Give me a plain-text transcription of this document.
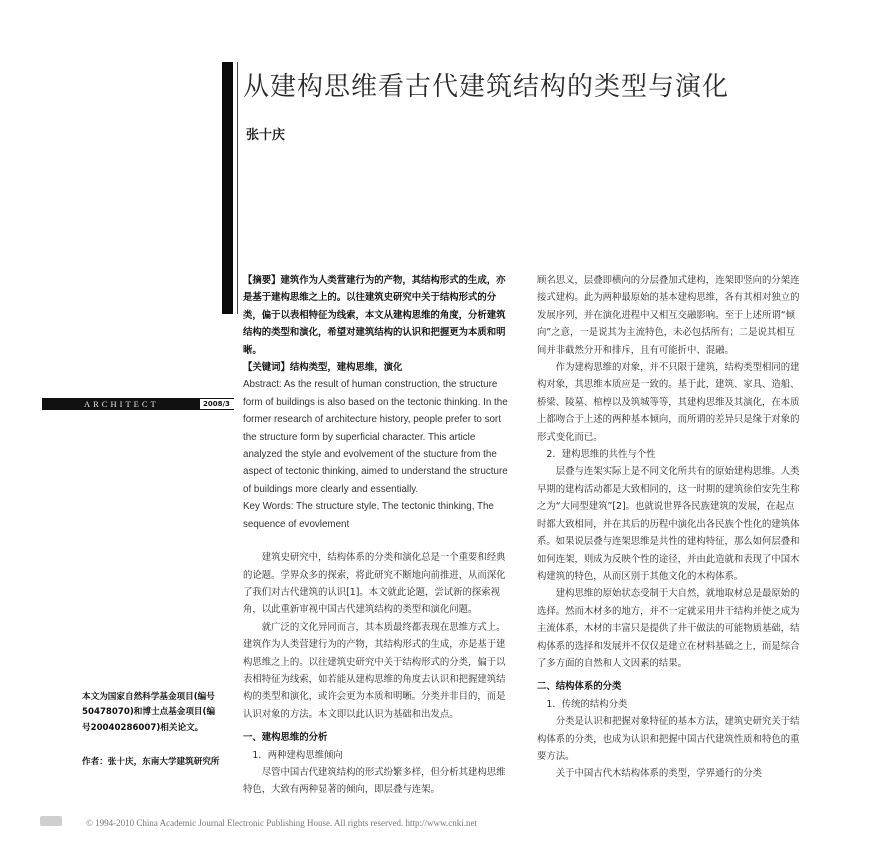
从建构思维看古代建筑结构的类型与演化
张十庆
ARCHITECT	2008/3

【摘要】建筑作为人类营建行为的产物，其结构形式的生成，亦是基于建构思维之上的。以往建筑史研究中关于结构形式的分类，偏于以表相特征为线索，本文从建构思维的角度，分析建筑结构的类型和演化，希望对建筑结构的认识和把握更为本质和明晰。

【关键词】结构类型，建构思维，演化

Abstract: As the result of human construction, the structure form of buildings is also based on the tectonic thinking. In the former research of architecture history, people prefer to sort the structure form by superficial character. This article analyzed the style and evolvement of the stucture from the aspect of tectonic thinking, aimed to understand the structure of buildings more clearly and essentially.

Key Words: The structure style, The tectonic thinking, The sequence of evovlement

建筑史研究中，结构体系的分类和演化总是一个重要和经典的论题。学界众多的探索，将此研究不断地向前推进，从而深化了我们对古代建筑的认识[1]。本文就此论题，尝试新的探索视角，以此重新审视中国古代建筑结构的类型和演化问题。

就广泛的文化异同而言，其本质最终都表现在思维方式上。建筑作为人类营建行为的产物，其结构形式的生成，亦是基于建构思维之上的。以往建筑史研究中关于结构形式的分类，偏于以表相特征为线索，如若能从建构思维的角度去认识和把握建筑结构的类型和演化，或许会更为本质和明晰。分类并非目的，而是认识对象的方法。本文即以此认识为基础和出发点。

一、建构思维的分析

1．两种建构思维倾向

尽管中国古代建筑结构的形式纷繁多样，但分析其建构思维特色，大致有两种显著的倾向，即层叠与连架。

顾名思义，层叠即横向的分层叠加式建构，连架即竖向的分架连接式建构。此为两种最原始的基本建构思维，各有其相对独立的发展序列，并在演化进程中又相互交融影响。至于上述所谓“倾向”之意，一是说其为主流特色，未必包括所有；二是说其相互间并非截然分开和排斥，且有可能折中、混融。

作为建构思维的对象，并不只限于建筑，结构类型相同的建构对象，其思维本质应是一致的。基于此，建筑、家具、造船、桥梁、陵墓、棺椁以及筑城等等，其建构思维及其演化，在本质上都吻合于上述的两种基本倾向，而所谓的差异只是缘于对象的形式变化而已。

2．建构思维的共性与个性

层叠与连架实际上是不同文化所共有的原始建构思维。人类早期的建构活动都是大致相同的，这一时期的建筑徐伯安先生称之为“大同型建筑”[2]。也就说世界各民族建筑的发展，在起点时都大致相同，并在其后的历程中演化出各民族个性化的建筑体系。如果说层叠与连架思维是共性的建构特征，那么如何层叠和如何连架，则成为反映个性的途径，并由此造就和表现了中国木构建筑的特色，从而区别于其他文化的木构体系。

建构思维的原始状态受制于大自然，就地取材总是最原始的选择。然而木材多的地方，并不一定就采用井干结构并使之成为主流体系，木材的丰富只是提供了井干做法的可能物质基础，结构体系的选择和发展并不仅仅是建立在材料基础之上，而是综合了多方面的自然和人文因素的结果。

二、结构体系的分类

1．传统的结构分类

分类是认识和把握对象特征的基本方法，建筑史研究关于结构体系的分类，也成为认识和把握中国古代建筑性质和特色的重要方法。

关于中国古代木结构体系的类型，学界通行的分类

本文为国家自然科学基金项目(编号50478070)和博士点基金项目(编号20040286007)相关论文。
作者：张十庆，东南大学建筑研究所
© 1994-2010 China Academic Journal Electronic Publishing House. All rights reserved. http://www.cnki.net
